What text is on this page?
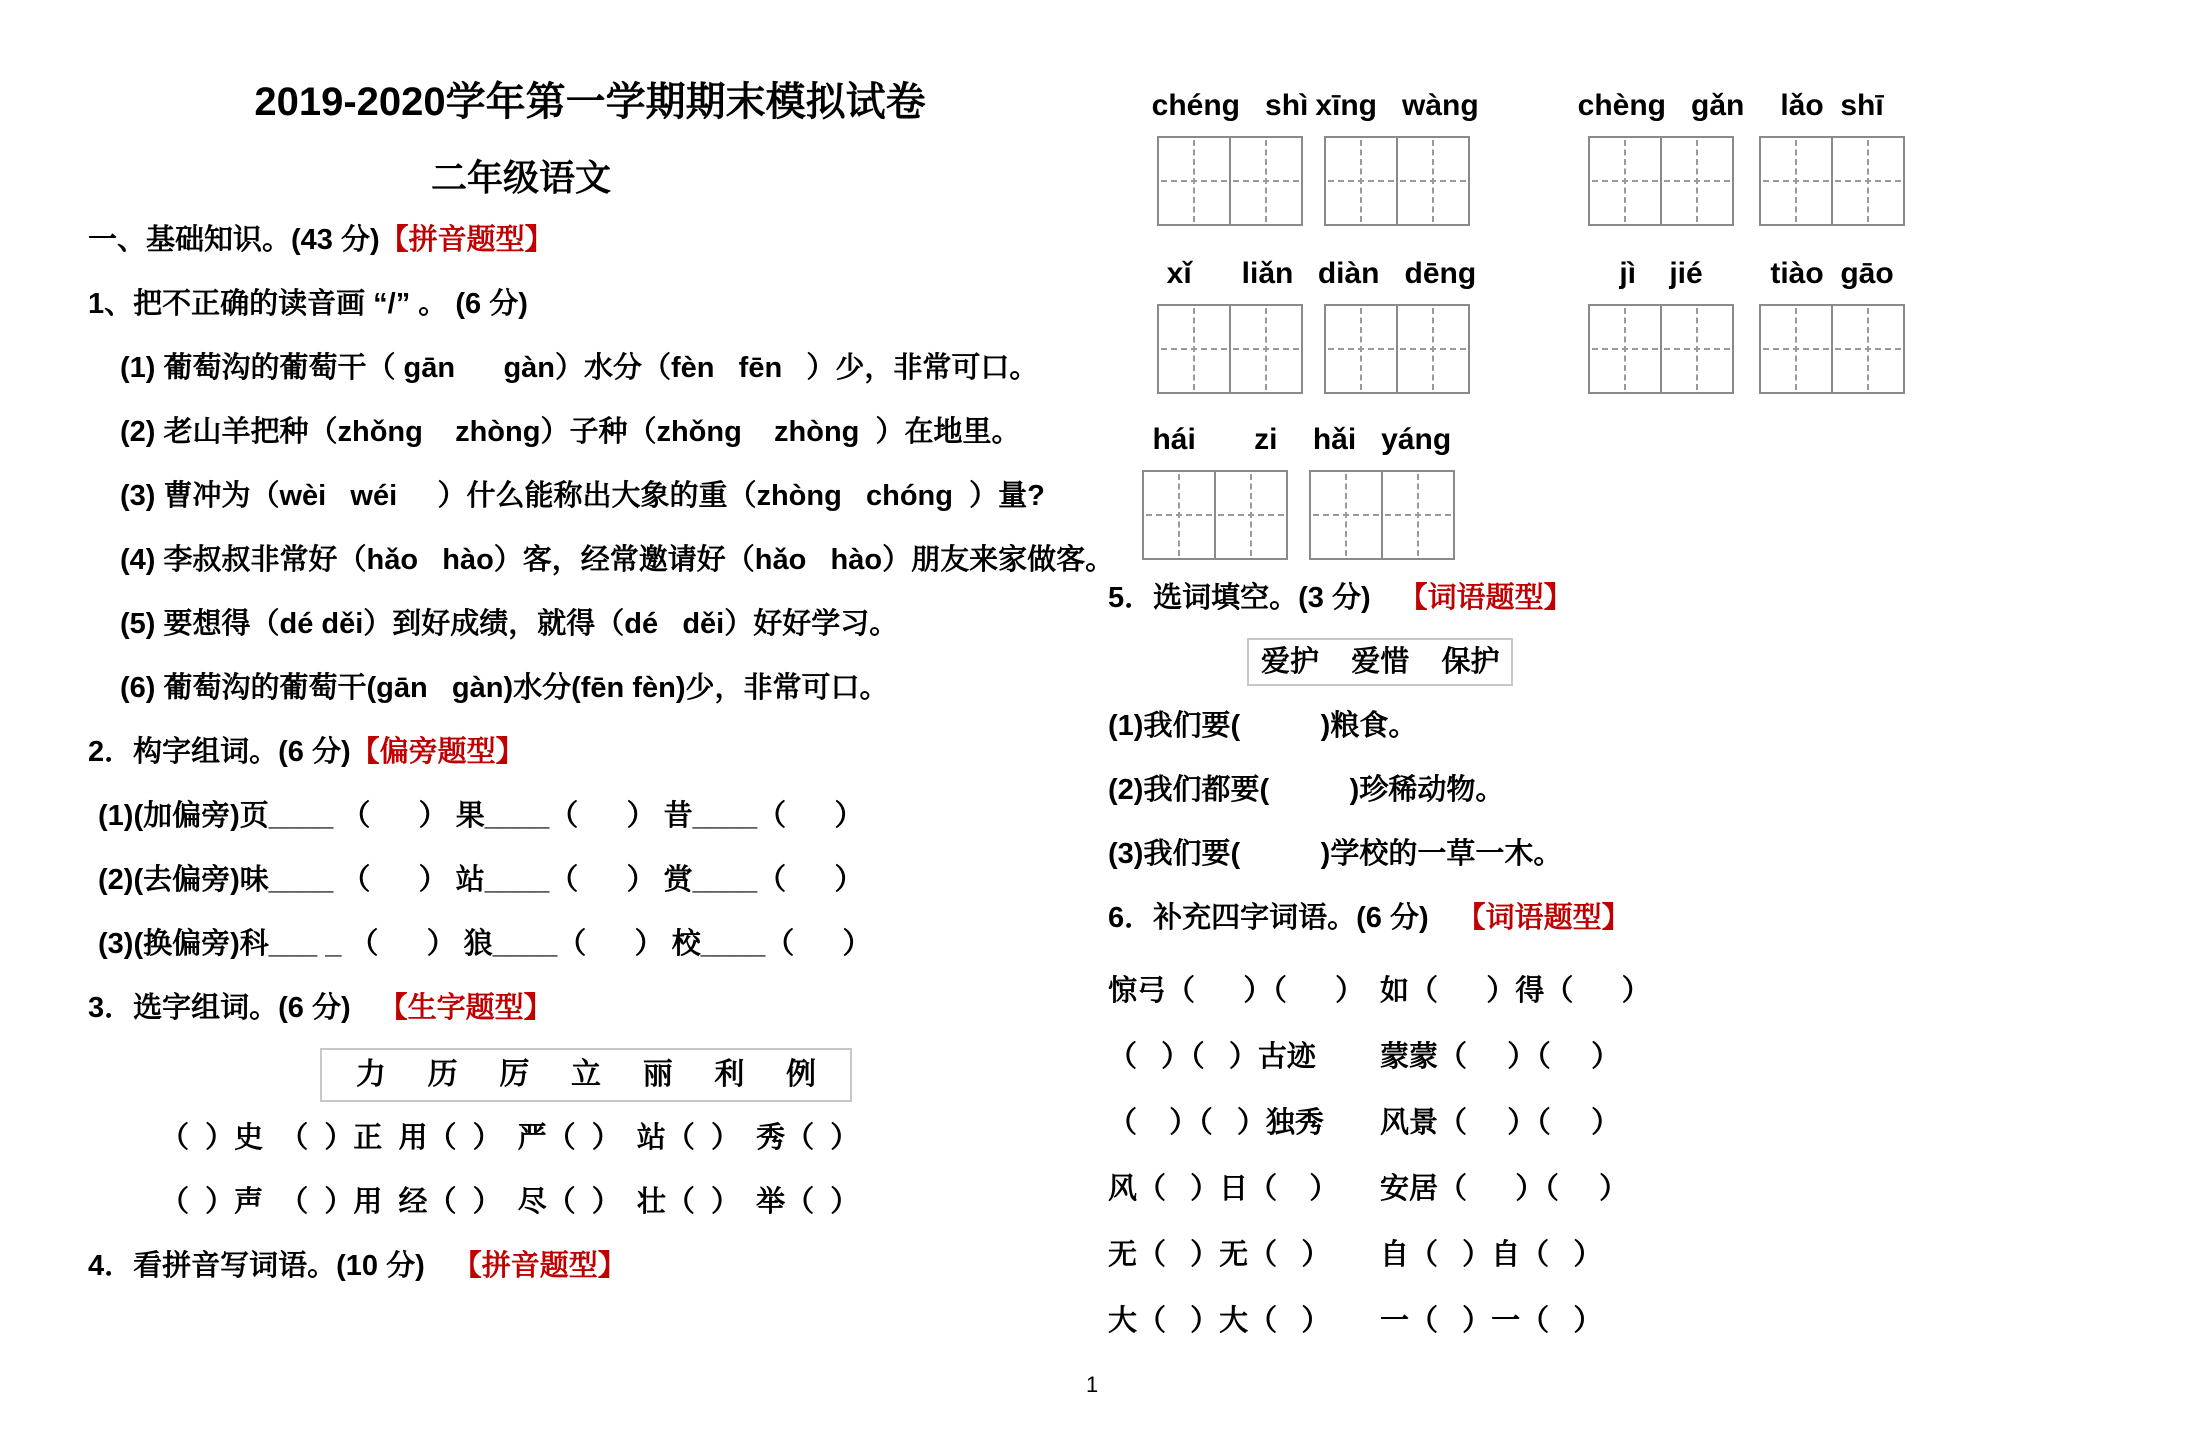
2019-2020学年第一学期期末模拟试卷
二年级语文
一、基础知识。(43 分)【拼音题型】
1、把不正确的读音画 “/” 。 (6 分)
(1) 葡萄沟的葡萄干（ gān      gàn）水分（fèn   fēn   ）少，非常可口。
(2) 老山羊把种（zhǒng    zhòng）子种（zhǒng    zhòng  ）在地里。
(3) 曹冲为（wèi   wéi     ）什么能称出大象的重（zhòng   chóng  ）量?
(4) 李叔叔非常好（hǎo   hào）客，经常邀请好（hǎo   hào）朋友来家做客。
(5) 要想得（dé děi）到好成绩，就得（dé   děi）好好学习。
(6) 葡萄沟的葡萄干(gān   gàn)水分(fēn fèn)少，非常可口。
2．构字组词。(6 分)【偏旁题型】
(1)(加偏旁)页____ （      ） 果____（      ） 昔____（      ）
(2)(去偏旁)味____ （      ） 站____（      ） 赏____（      ）
(3)(换偏旁)科___ _ （      ） 狼____（      ） 校____（      ）
3．选字组词。(6 分) 【生字题型】
力     历     厉     立     丽     利     例
（  ）史  （  ）正  用（  ）  严（  ）  站（  ）  秀（  ）
（  ）声  （  ）用  经（  ）  尽（  ）  壮（  ）  举（  ）
4．看拼音写词语。(10 分) 【拼音题型】
chéng   shì xīng   wàng	chèng   gǎn lǎo  shī
xǐ      liǎn diàn   dēng	jì    jié tiào  gāo
hái       zi hǎi   yáng
5．选词填空。(3 分) 【词语题型】
爱护    爱惜    保护
(1)我们要(          )粮食。
(2)我们都要(          )珍稀动物。
(3)我们要(          )学校的一草一木。
6．补充四字词语。(6 分) 【词语题型】
惊弓（      ）（      ） 如（      ）得（      ）
（   ）（   ）古迹	蒙蒙（     ）（     ）
（    ）（   ）独秀	风景（     ）（     ）
风（   ）日（    ）	安居（      ）（     ）
无（   ）无（   ）	自（   ）自（   ）
大（   ）大（   ）	一（   ）一（   ）
1
